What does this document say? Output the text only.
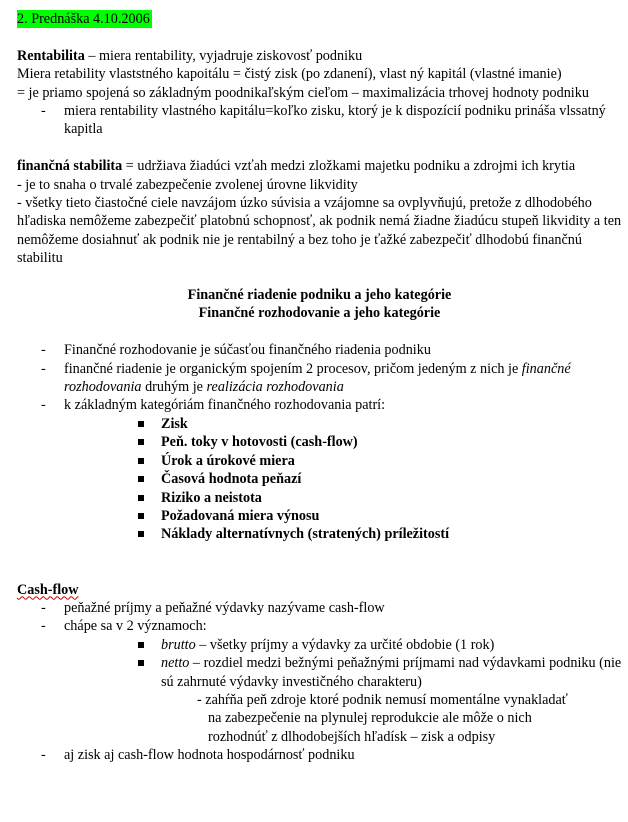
2. Prednáška 4.10.2006

Rentabilita – miera rentability, vyjadruje ziskovosť podniku

Miera retability vlaststného kapoitálu = čistý zisk (po zdanení), vlast ný kapitál (vlastné imanie)

= je priamo spojená so základným poodnikaľským cieľom – maximalizácia trhovej hodnoty podniku

- miera rentability vlastného kapitálu=koľko zisku, ktorý je k dispozícií podniku prináša vlssatný kapitla

finančná stabilita = udržiava žiadúci vzťah medzi zložkami majetku podniku a zdrojmi ich krytia

- je to snaha o trvalé zabezpečenie zvolenej úrovne likvidity

- všetky tieto čiastočné ciele navzájom úzko súvisia a vzájomne sa ovplyvňujú, pretože z dlhodobého hľadiska nemôžeme zabezpečiť platobnú schopnosť, ak podnik nemá žiadne žiadúcu stupeň likvidity a ten nemôžeme dosiahnuť ak podnik nie je rentabilný a bez toho je ťažké zabezpečiť dlhodobú finančnú stabilitu

Finančné riadenie podniku a jeho kategórie

Finančné rozhodovanie a jeho kategórie

- Finančné rozhodovanie je súčasťou finančného riadenia podniku

- finančné riadenie je organickým spojením 2 procesov, pričom jedeným z nich je finančné rozhodovania druhým je realizácia rozhodovania

- k základným kategóriám finančného rozhodovania patrí:

Zisk

Peň. toky v hotovosti (cash-flow)

Úrok a úrokové miera

Časová hodnota peňazí

Riziko a neistota

Požadovaná miera výnosu

Náklady alternatívnych (stratených) príležitostí

Cash-flow

- peňažné príjmy a peňažné výdavky nazývame cash-flow

- chápe sa v 2 významoch:

brutto – všetky príjmy a výdavky za určité obdobie (1 rok)

netto – rozdiel medzi bežnými peňažnými príjmami nad výdavkami podniku (nie sú zahrnuté výdavky investičného charakteru)

- zahŕňa peň zdroje ktoré podnik nemusí momentálne vynakladať

na zabezpečenie na plynulej reprodukcie ale môže o nich

rozhodnúť z dlhodobejších hľadísk – zisk a odpisy

- aj zisk aj cash-flow hodnota hospodárnosť podniku
